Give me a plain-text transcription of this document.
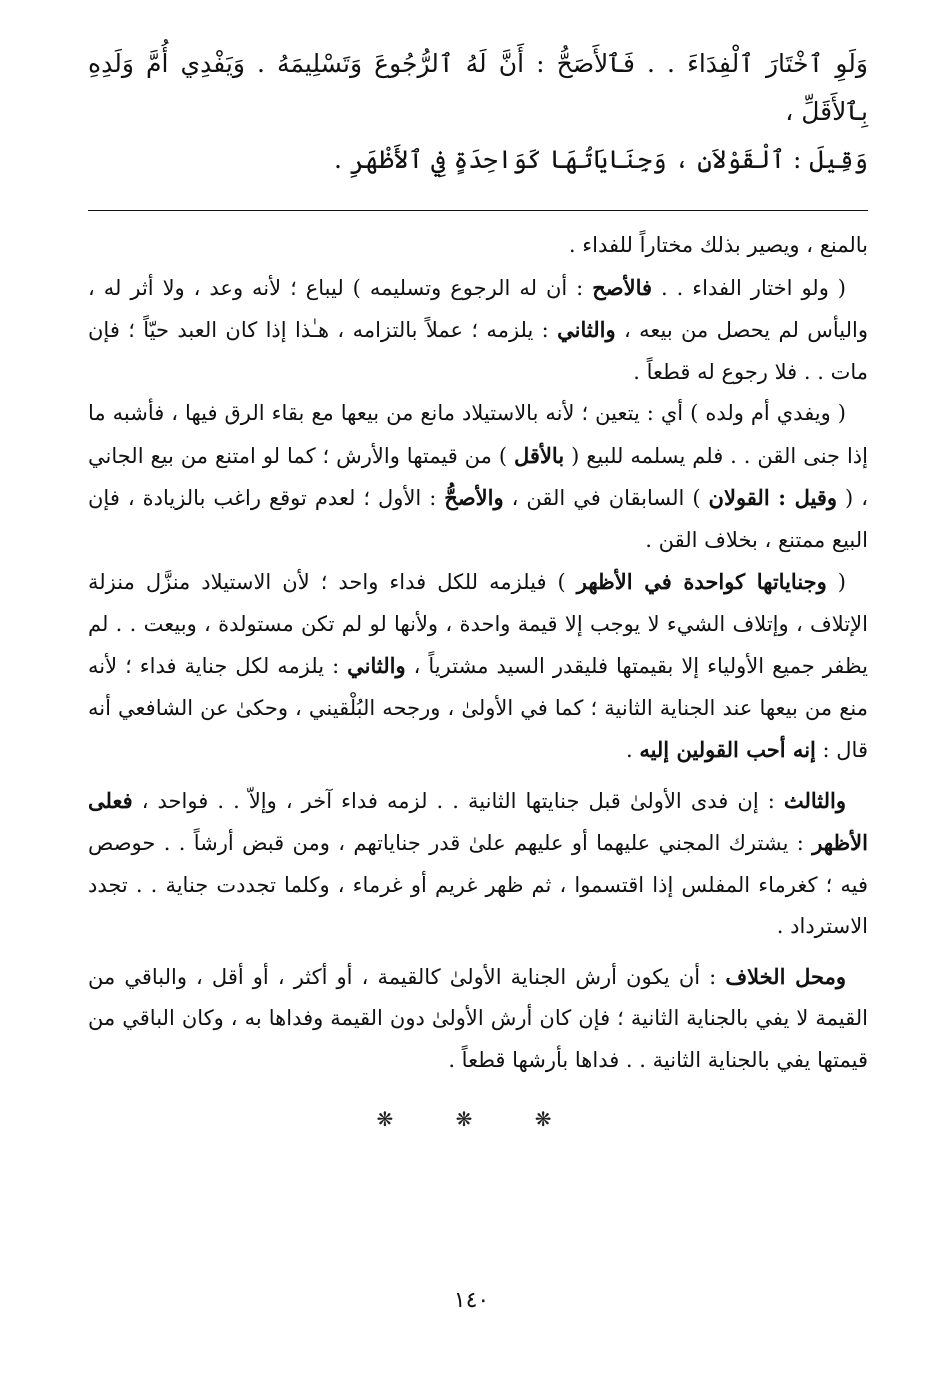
وَلَوِ ٱخْتَارَ ٱلْفِدَاءَ . . فَٱلأَصَحُّ : أَنَّ لَهُ ٱلرُّجُوعَ وَتَسْلِيمَهُ . وَيَفْدِي أُمَّ وَلَدِهِ بِٱلأَقَلِّ ،
وَقِيلَ : ٱلْقَوْلاَنِ ، وَجِنَايَاتُهَا كَوَاحِدَةٍ فِي ٱلأَظْهَرِ .

بالمنع ، ويصير بذلك مختاراً للفداء .

( ولو اختار الفداء . . فالأصح : أن له الرجوع وتسليمه ) ليباع ؛ لأنه وعد ، ولا أثر له ، واليأس لم يحصل من بيعه ، والثاني : يلزمه ؛ عملاً بالتزامه ، هـٰذا إذا كان العبد حيّاً ؛ فإن مات . . فلا رجوع له قطعاً .

( ويفدي أم ولده ) أي : يتعين ؛ لأنه بالاستيلاد مانع من بيعها مع بقاء الرق فيها ، فأشبه ما إذا جنى القن . . فلم يسلمه للبيع ( بالأقل ) من قيمتها والأرش ؛ كما لو امتنع من بيع الجاني ، ( وقيل : القولان ) السابقان في القن ، والأصحُّ : الأول ؛ لعدم توقع راغب بالزيادة ، فإن البيع ممتنع ، بخلاف القن .

( وجناياتها كواحدة في الأظهر ) فيلزمه للكل فداء واحد ؛ لأن الاستيلاد منزَّل منزلة الإتلاف ، وإتلاف الشيء لا يوجب إلا قيمة واحدة ، ولأنها لو لم تكن مستولدة ، وبيعت . . لم يظفر جميع الأولياء إلا بقيمتها فليقدر السيد مشترياً ، والثاني : يلزمه لكل جناية فداء ؛ لأنه منع من بيعها عند الجناية الثانية ؛ كما في الأولىٰ ، ورجحه البُلْقيني ، وحكىٰ عن الشافعي أنه قال : إنه أحب القولين إليه .

والثالث : إن فدى الأولىٰ قبل جنايتها الثانية . . لزمه فداء آخر ، وإلاّ . . فواحد ، فعلى الأظهر : يشترك المجني عليهما أو عليهم علىٰ قدر جناياتهم ، ومن قبض أرشاً . . حوصص فيه ؛ كغرماء المفلس إذا اقتسموا ، ثم ظهر غريم أو غرماء ، وكلما تجددت جناية . . تجدد الاسترداد .

ومحل الخلاف : أن يكون أرش الجناية الأولىٰ كالقيمة ، أو أكثر ، أو أقل ، والباقي من القيمة لا يفي بالجناية الثانية ؛ فإن كان أرش الأولىٰ دون القيمة وفداها به ، وكان الباقي من قيمتها يفي بالجناية الثانية . . فداها بأرشها قطعاً .

❋ ❋ ❋
١٤٠
